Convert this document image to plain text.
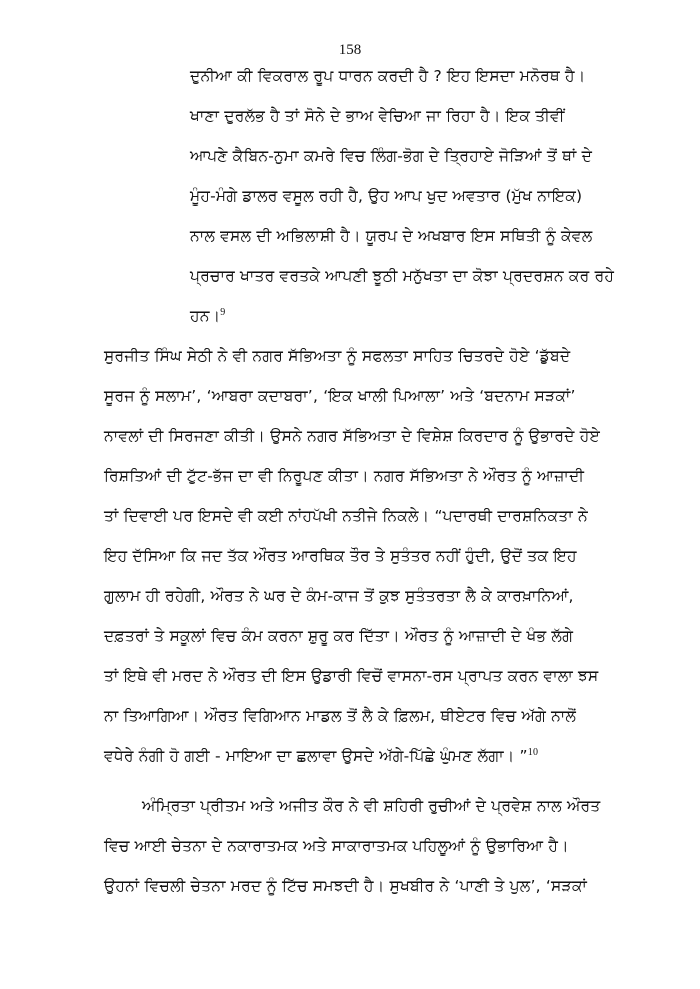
158
ਦੁਨੀਆ ਕੀ ਵਿਕਰਾਲ ਰੂਪ ਧਾਰਨ ਕਰਦੀ ਹੈ ? ਇਹ ਇਸਦਾ ਮਨੋਰਥ ਹੈ।
ਖਾਣਾ ਦੁਰਲੱਭ ਹੈ ਤਾਂ ਸੋਨੇ ਦੇ ਭਾਅ ਵੇਚਿਆ ਜਾ ਰਿਹਾ ਹੈ। ਇਕ ਤੀਵੀਂ
ਆਪਣੇ ਕੈਬਿਨ-ਨੁਮਾ ਕਮਰੇ ਵਿਚ ਲਿੰਗ-ਭੋਗ ਦੇ ਤ੍ਰਿਹਾਏ ਜੋੜਿਆਂ ਤੋਂ ਥਾਂ ਦੇ
ਮੂੰਹ-ਮੰਗੇ ਡਾਲਰ ਵਸੂਲ ਰਹੀ ਹੈ, ਉਹ ਆਪ ਖੁਦ ਅਵਤਾਰ (ਮੁੱਖ ਨਾਇਕ)
ਨਾਲ ਵਸਲ ਦੀ ਅਭਿਲਾਸ਼ੀ ਹੈ। ਯੂਰਪ ਦੇ ਅਖਬਾਰ ਇਸ ਸਥਿਤੀ ਨੂੰ ਕੇਵਲ
ਪ੍ਰਚਾਰ ਖਾਤਰ ਵਰਤਕੇ ਆਪਣੀ ਝੂਠੀ ਮਨੁੱਖਤਾ ਦਾ ਕੋਝਾ ਪ੍ਰਦਰਸ਼ਨ ਕਰ ਰਹੇ
ਹਨ।$^9$
ਸੁਰਜੀਤ ਸਿੰਘ ਸੇਠੀ ਨੇ ਵੀ ਨਗਰ ਸੱਭਿਅਤਾ ਨੂੰ ਸਫਲਤਾ ਸਾਹਿਤ ਚਿਤਰਦੇ ਹੋਏ ‘ਡੁੱਬਦੇ
ਸੂਰਜ ਨੂੰ ਸਲਾਮ’, ‘ਆਬਰਾ ਕਦਾਬਰਾ’, ‘ਇਕ ਖਾਲੀ ਪਿਆਲਾ’ ਅਤੇ ‘ਬਦਨਾਮ ਸੜਕਾਂ’
ਨਾਵਲਾਂ ਦੀ ਸਿਰਜਣਾ ਕੀਤੀ। ਉਸਨੇ ਨਗਰ ਸੱਭਿਅਤਾ ਦੇ ਵਿਸ਼ੇਸ਼ ਕਿਰਦਾਰ ਨੂੰ ਉਭਾਰਦੇ ਹੋਏ
ਰਿਸ਼ਤਿਆਂ ਦੀ ਟੁੱਟ-ਭੱਜ ਦਾ ਵੀ ਨਿਰੂਪਣ ਕੀਤਾ। ਨਗਰ ਸੱਭਿਅਤਾ ਨੇ ਔਰਤ ਨੂੰ ਆਜ਼ਾਦੀ
ਤਾਂ ਦਿਵਾਈ ਪਰ ਇਸਦੇ ਵੀ ਕਈ ਨਾਂਹਪੱਖੀ ਨਤੀਜੇ ਨਿਕਲੇ। “ਪਦਾਰਥੀ ਦਾਰਸ਼ਨਿਕਤਾ ਨੇ
ਇਹ ਦੱਸਿਆ ਕਿ ਜਦ ਤੱਕ ਔਰਤ ਆਰਥਿਕ ਤੌਰ ਤੇ ਸੁਤੰਤਰ ਨਹੀਂ ਹੁੰਦੀ, ਉਦੋਂ ਤਕ ਇਹ
ਗੁਲਾਮ ਹੀ ਰਹੇਗੀ, ਔਰਤ ਨੇ ਘਰ ਦੇ ਕੰਮ-ਕਾਜ ਤੋਂ ਕੁਝ ਸੁਤੰਤਰਤਾ ਲੈ ਕੇ ਕਾਰਖ਼ਾਨਿਆਂ,
ਦਫ਼ਤਰਾਂ ਤੇ ਸਕੂਲਾਂ ਵਿਚ ਕੰਮ ਕਰਨਾ ਸ਼ੁਰੂ ਕਰ ਦਿੱਤਾ। ਔਰਤ ਨੂੰ ਆਜ਼ਾਦੀ ਦੇ ਖੰਭ ਲੱਗੇ
ਤਾਂ ਇਥੇ ਵੀ ਮਰਦ ਨੇ ਔਰਤ ਦੀ ਇਸ ਉਡਾਰੀ ਵਿਚੋਂ ਵਾਸਨਾ-ਰਸ ਪ੍ਰਾਪਤ ਕਰਨ ਵਾਲਾ ਝਸ
ਨਾ ਤਿਆਗਿਆ। ਔਰਤ ਵਿਗਿਆਨ ਮਾਡਲ ਤੋਂ ਲੈ ਕੇ ਫ਼ਿਲਮ, ਥੀਏਟਰ ਵਿਚ ਅੱਗੇ ਨਾਲੋਂ
ਵਧੇਰੇ ਨੰਗੀ ਹੋ ਗਈ - ਮਾਇਆ ਦਾ ਛਲਾਵਾ ਉਸਦੇ ਅੱਗੇ-ਪਿੱਛੇ ਘੁੰਮਣ ਲੱਗਾ। ”$^{10}$
ਅੰਮ੍ਰਿਤਾ ਪ੍ਰੀਤਮ ਅਤੇ ਅਜੀਤ ਕੌਰ ਨੇ ਵੀ ਸ਼ਹਿਰੀ ਰੁਚੀਆਂ ਦੇ ਪ੍ਰਵੇਸ਼ ਨਾਲ ਔਰਤ
ਵਿਚ ਆਈ ਚੇਤਨਾ ਦੇ ਨਕਾਰਾਤਮਕ ਅਤੇ ਸਾਕਾਰਾਤਮਕ ਪਹਿਲੂਆਂ ਨੂੰ ਉਭਾਰਿਆ ਹੈ।
ਉਹਨਾਂ ਵਿਚਲੀ ਚੇਤਨਾ ਮਰਦ ਨੂੰ ਟਿੱਚ ਸਮਝਦੀ ਹੈ। ਸੁਖਬੀਰ ਨੇ ‘ਪਾਣੀ ਤੇ ਪੁਲ’, ‘ਸੜਕਾਂ
